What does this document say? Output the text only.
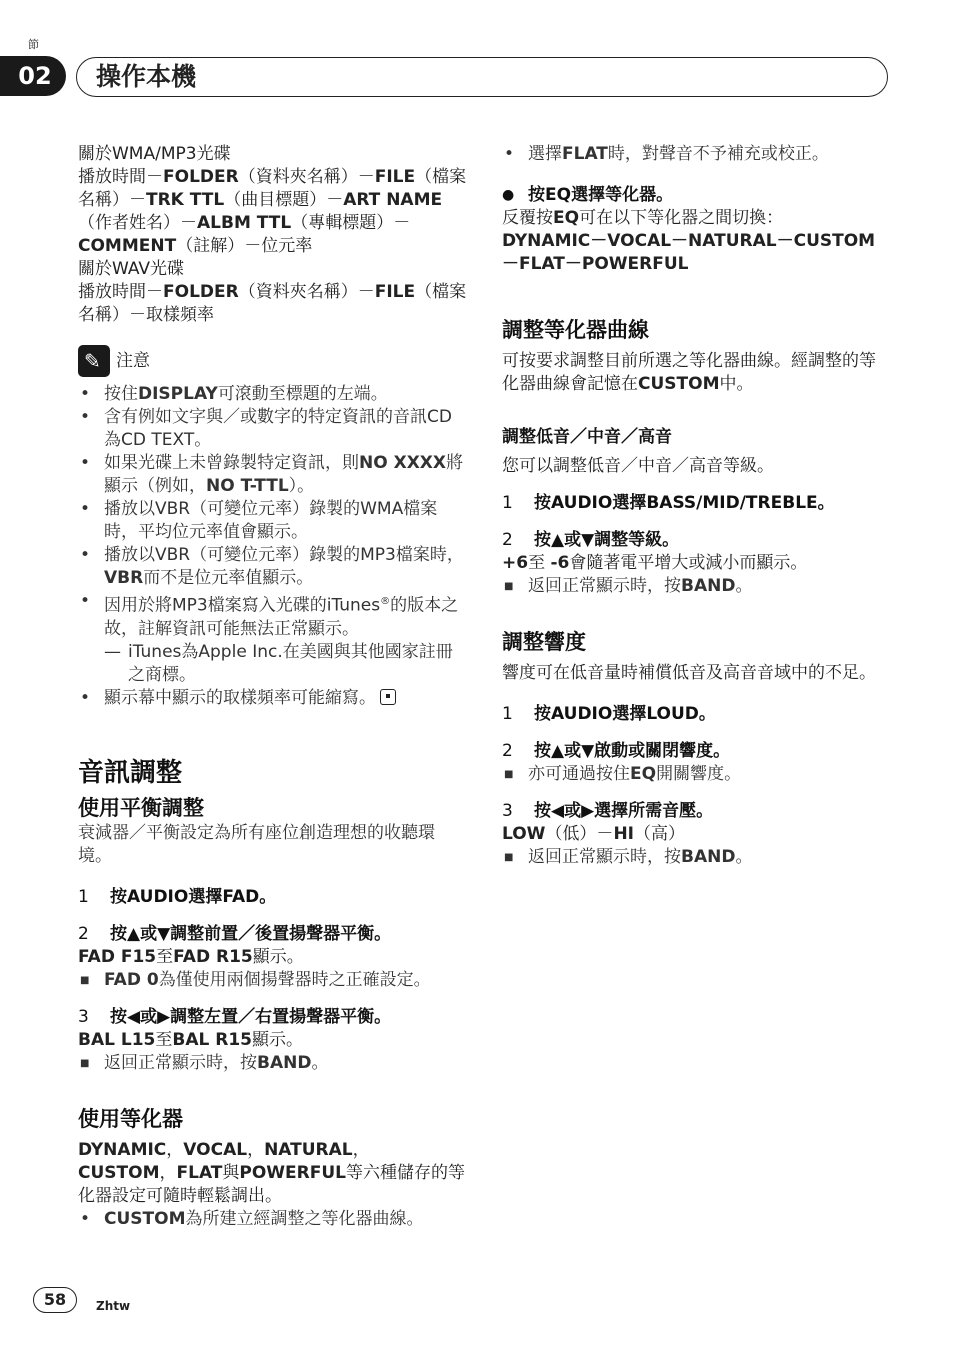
節
02	操作本機

關於WMA/MP3光碟

播放時間－FOLDER（資料夾名稱）－FILE（檔案名稱）－TRK TTL（曲目標題）－ART NAME（作者姓名）－ALBM TTL（專輯標題）－COMMENT（註解）－位元率

關於WAV光碟

播放時間－FOLDER（資料夾名稱）－FILE（檔案名稱）－取樣頻率

✎
注意
• 按住DISPLAY可滾動至標題的左端。
• 含有例如文字與／或數字的特定資訊的音訊CD為CD TEXT。
• 如果光碟上未曾錄製特定資訊，則NO XXXX將顯示（例如，NO T-TTL）。
• 播放以VBR（可變位元率）錄製的WMA檔案時，平均位元率值會顯示。
• 播放以VBR（可變位元率）錄製的MP3檔案時，VBR而不是位元率值顯示。
• 因用於將MP3檔案寫入光碟的iTunes®的版本之故，註解資訊可能無法正常顯示。
— iTunes為Apple Inc.在美國與其他國家註冊之商標。
• 顯示幕中顯示的取樣頻率可能縮寫。
音訊調整
使用平衡調整

衰減器／平衡設定為所有座位創造理想的收聽環境。

1 按AUDIO選擇FAD。

2 按▲或▼調整前置／後置揚聲器平衡。

FAD F15至FAD R15顯示。

■ FAD 0為僅使用兩個揚聲器時之正確設定。

3 按◀或▶調整左置／右置揚聲器平衡。

BAL L15至BAL R15顯示。

■ 返回正常顯示時，按BAND。
使用等化器

DYNAMIC，VOCAL，NATURAL，
CUSTOM，FLAT與POWERFUL等六種儲存的等化器設定可隨時輕鬆調出。

• CUSTOM為所建立經調整之等化器曲線。
• 選擇FLAT時，對聲音不予補充或校正。
● 按EQ選擇等化器。

反覆按EQ可在以下等化器之間切換：

DYNAMIC－VOCAL－NATURAL－CUSTOM－FLAT－POWERFUL

調整等化器曲線

可按要求調整目前所選之等化器曲線。經調整的等化器曲線會記憶在CUSTOM中。

調整低音／中音／高音

您可以調整低音／中音／高音等級。

1 按AUDIO選擇BASS/MID/TREBLE。

2 按▲或▼調整等級。

+6至 -6會隨著電平增大或減小而顯示。

■ 返回正常顯示時，按BAND。
調整響度

響度可在低音量時補償低音及高音音域中的不足。

1 按AUDIO選擇LOUD。

2 按▲或▼啟動或關閉響度。

■ 亦可通過按住EQ開關響度。

3 按◀或▶選擇所需音壓。

LOW（低）－HI（高）

■ 返回正常顯示時，按BAND。
58	Zhtw
